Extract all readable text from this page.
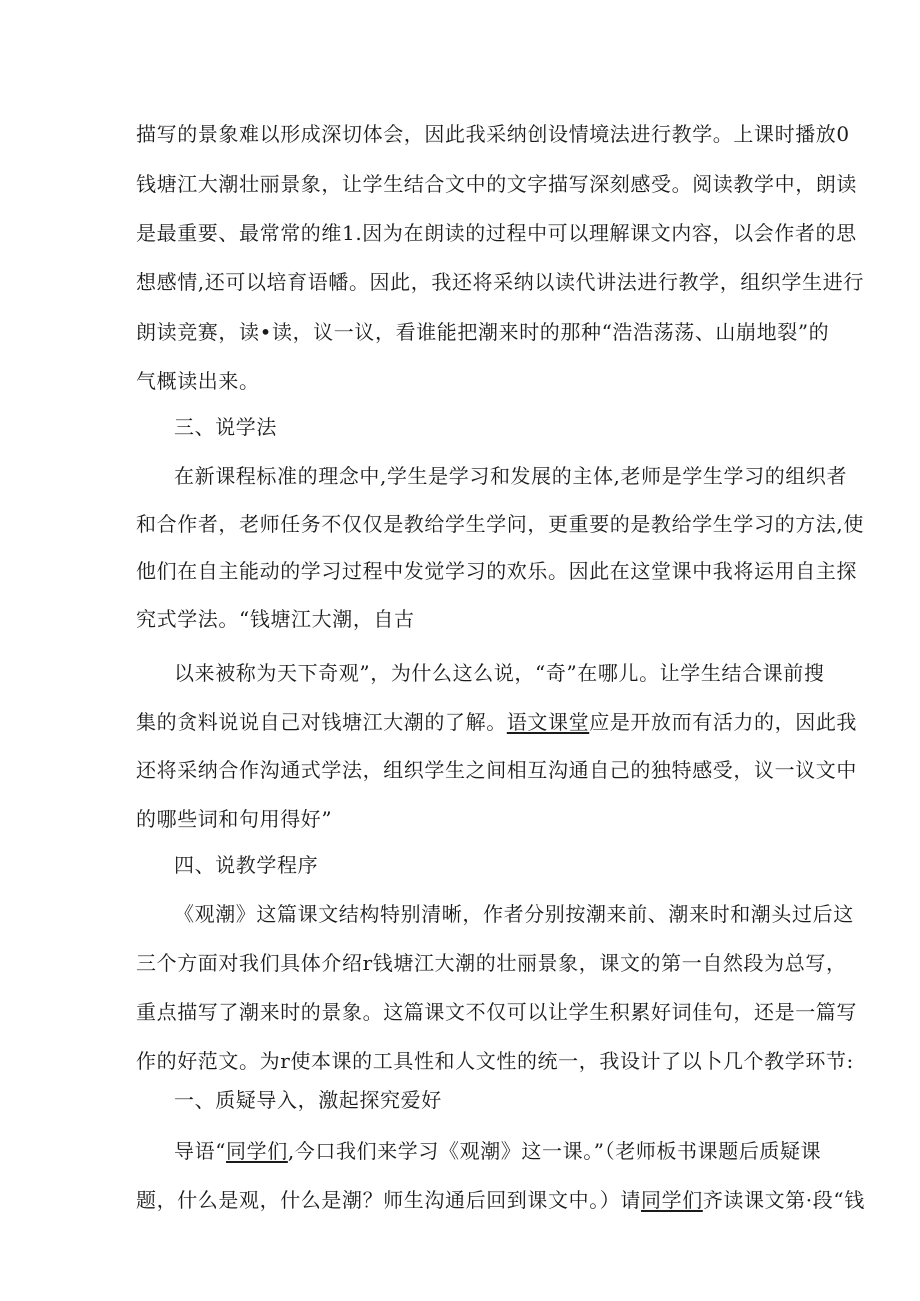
描写的景象难以形成深切体会，因此我采纳创设情境法进行教学。上课时播放0
钱塘江大潮壮丽景象，让学生结合文中的文字描写深刻感受。阅读教学中，朗读
是最重要、最常常的维1.因为在朗读的过程中可以理解课文内容，以会作者的思
想感情,还可以培育语幡。因此，我还将采纳以读代讲法进行教学，组织学生进行
朗读竞赛，读•读，议一议，看谁能把潮来时的那种“浩浩荡荡、山崩地裂”的
气概读出来。
三、说学法
在新课程标准的理念中,学生是学习和发展的主体,老师是学生学习的组织者
和合作者，老师任务不仅仅是教给学生学问，更重要的是教给学生学习的方法,使
他们在自主能动的学习过程中发觉学习的欢乐。因此在这堂课中我将运用自主探
究式学法。“钱塘江大潮，自古
以来被称为天下奇观”，为什么这么说，“奇”在哪儿。让学生结合课前搜
集的贪料说说自己对钱塘江大潮的了解。语文课堂应是开放而有活力的，因此我
还将采纳合作沟通式学法，组织学生之间相互沟通自己的独特感受，议一议文中
的哪些词和句用得好”
四、说教学程序
《观潮》这篇课文结构特别清晰，作者分别按潮来前、潮来时和潮头过后这
三个方面对我们具体介绍r钱塘江大潮的壮丽景象，课文的第一自然段为总写，
重点描写了潮来时的景象。这篇课文不仅可以让学生积累好词佳句，还是一篇写
作的好范文。为r使本课的工具性和人文性的统一，我设计了以卜几个教学环节:
一、质疑导入，激起探究爱好
导语“同学们,今口我们来学习《观潮》这一课。”（老师板书课题后质疑课
题，什么是观，什么是潮？师生沟通后回到课文中。）请同学们齐读课文第·段“钱
